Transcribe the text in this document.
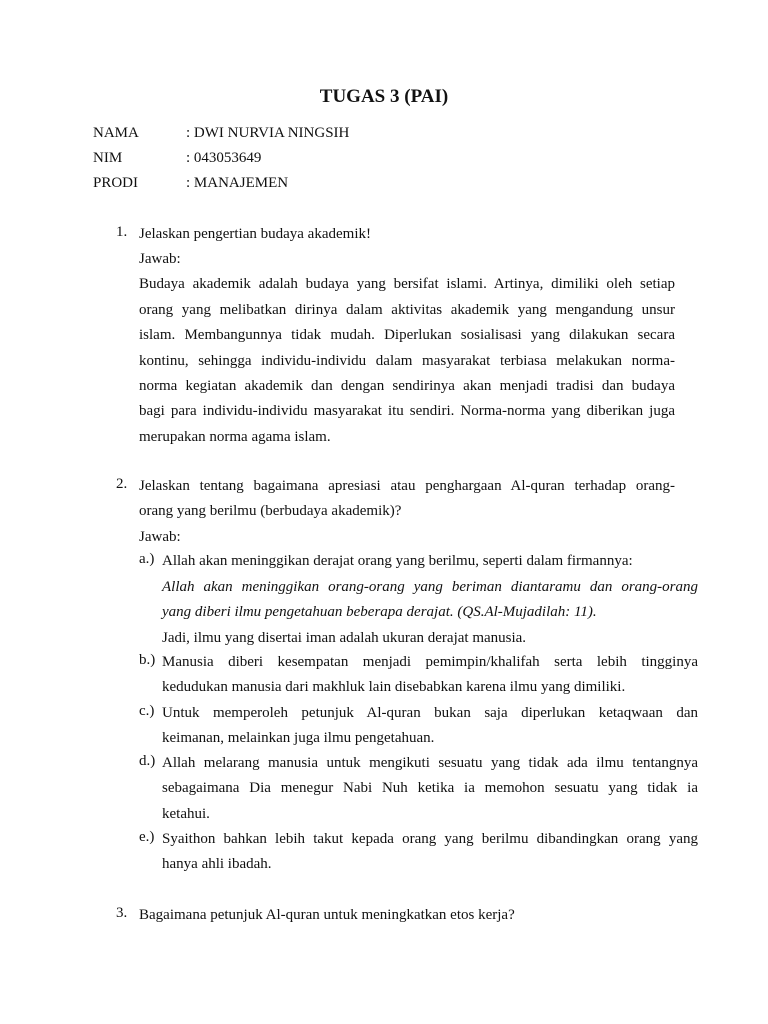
TUGAS 3 (PAI)
NAMA	: DWI NURVIA NINGSIH
NIM	: 043053649
PRODI	: MANAJEMEN
1. Jelaskan pengertian budaya akademik!
Jawab:
Budaya akademik adalah budaya yang bersifat islami. Artinya, dimiliki oleh setiap
orang yang melibatkan dirinya dalam aktivitas akademik yang mengandung unsur
islam. Membangunnya tidak mudah. Diperlukan sosialisasi yang dilakukan secara
kontinu, sehingga individu-individu dalam masyarakat terbiasa melakukan norma-
norma kegiatan akademik dan dengan sendirinya akan menjadi tradisi dan budaya
bagi para individu-individu masyarakat itu sendiri. Norma-norma yang diberikan juga
merupakan norma agama islam.
2. Jelaskan tentang bagaimana apresiasi atau penghargaan Al-quran terhadap orang-
orang yang berilmu (berbudaya akademik)?
Jawab:
a.) Allah akan meninggikan derajat orang yang berilmu, seperti dalam firmannya:
Allah akan meninggikan orang-orang yang beriman diantaramu dan orang-orang
yang diberi ilmu pengetahuan beberapa derajat. (QS.Al-Mujadilah: 11).
Jadi, ilmu yang disertai iman adalah ukuran derajat manusia.
b.) Manusia diberi kesempatan menjadi pemimpin/khalifah serta lebih tingginya
kedudukan manusia dari makhluk lain disebabkan karena ilmu yang dimiliki.
c.) Untuk memperoleh petunjuk Al-quran bukan saja diperlukan ketaqwaan dan
keimanan, melainkan juga ilmu pengetahuan.
d.) Allah melarang manusia untuk mengikuti sesuatu yang tidak ada ilmu tentangnya
sebagaimana Dia menegur Nabi Nuh ketika ia memohon sesuatu yang tidak ia
ketahui.
e.) Syaithon bahkan lebih takut kepada orang yang berilmu dibandingkan orang yang
hanya ahli ibadah.
3. Bagaimana petunjuk Al-quran untuk meningkatkan etos kerja?
